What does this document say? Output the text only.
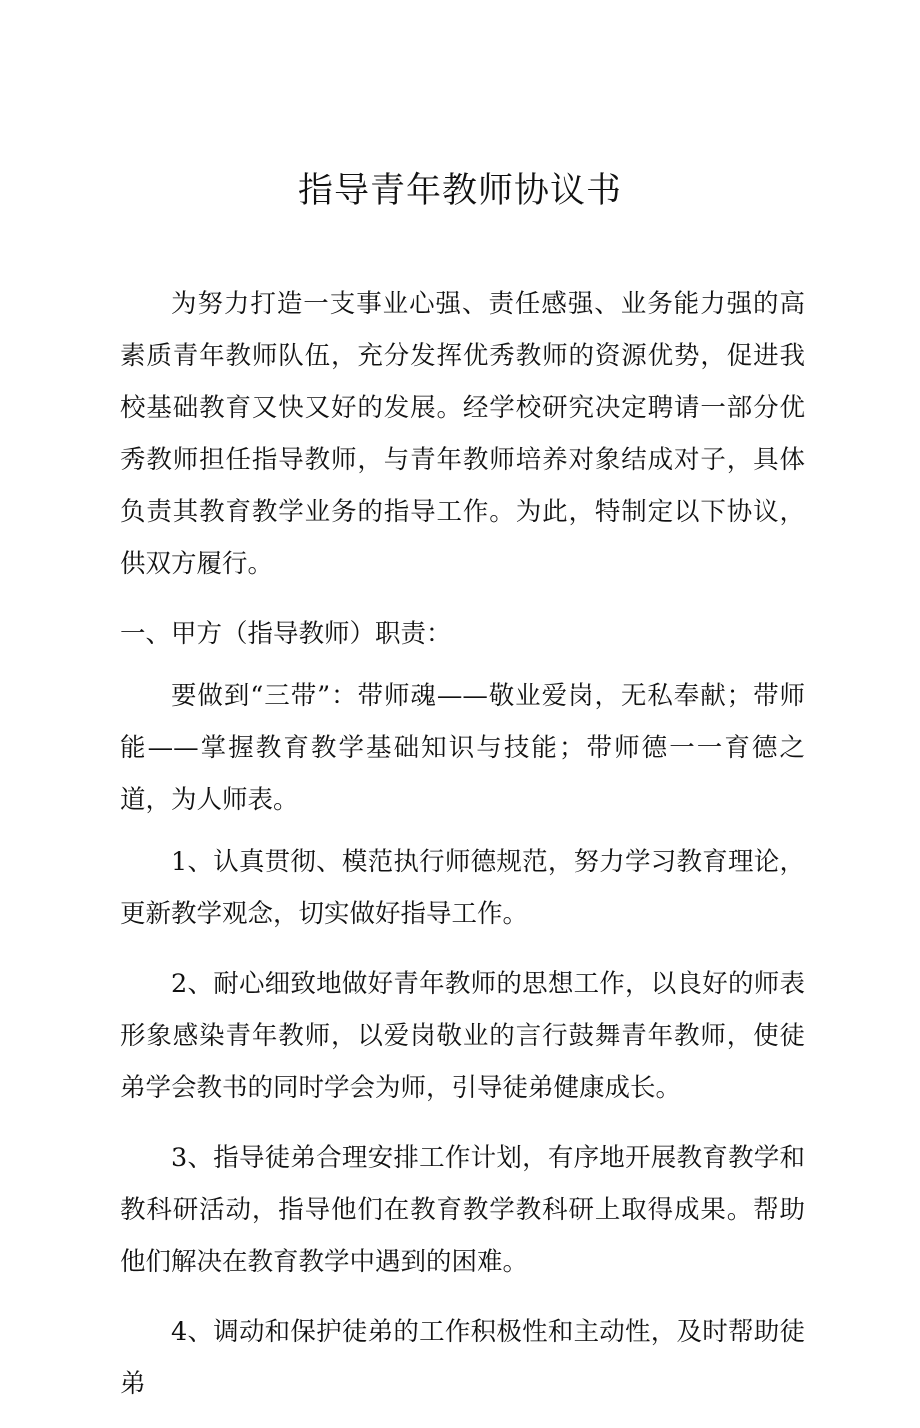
指导青年教师协议书

为努力打造一支事业心强、责任感强、业务能力强的高素质青年教师队伍，充分发挥优秀教师的资源优势，促进我校基础教育又快又好的发展。经学校研究决定聘请一部分优秀教师担任指导教师，与青年教师培养对象结成对子，具体负责其教育教学业务的指导工作。为此，特制定以下协议，供双方履行。

一、甲方（指导教师）职责：

要做到“三带”：带师魂——敬业爱岗，无私奉献；带师能——掌握教育教学基础知识与技能；带师德一一育德之道，为人师表。

1、认真贯彻、模范执行师德规范，努力学习教育理论，更新教学观念，切实做好指导工作。

2、耐心细致地做好青年教师的思想工作，以良好的师表形象感染青年教师，以爱岗敬业的言行鼓舞青年教师，使徒弟学会教书的同时学会为师，引导徒弟健康成长。

3、指导徒弟合理安排工作计划，有序地开展教育教学和教科研活动，指导他们在教育教学教科研上取得成果。帮助他们解决在教育教学中遇到的困难。

4、调动和保护徒弟的工作积极性和主动性，及时帮助徒弟
